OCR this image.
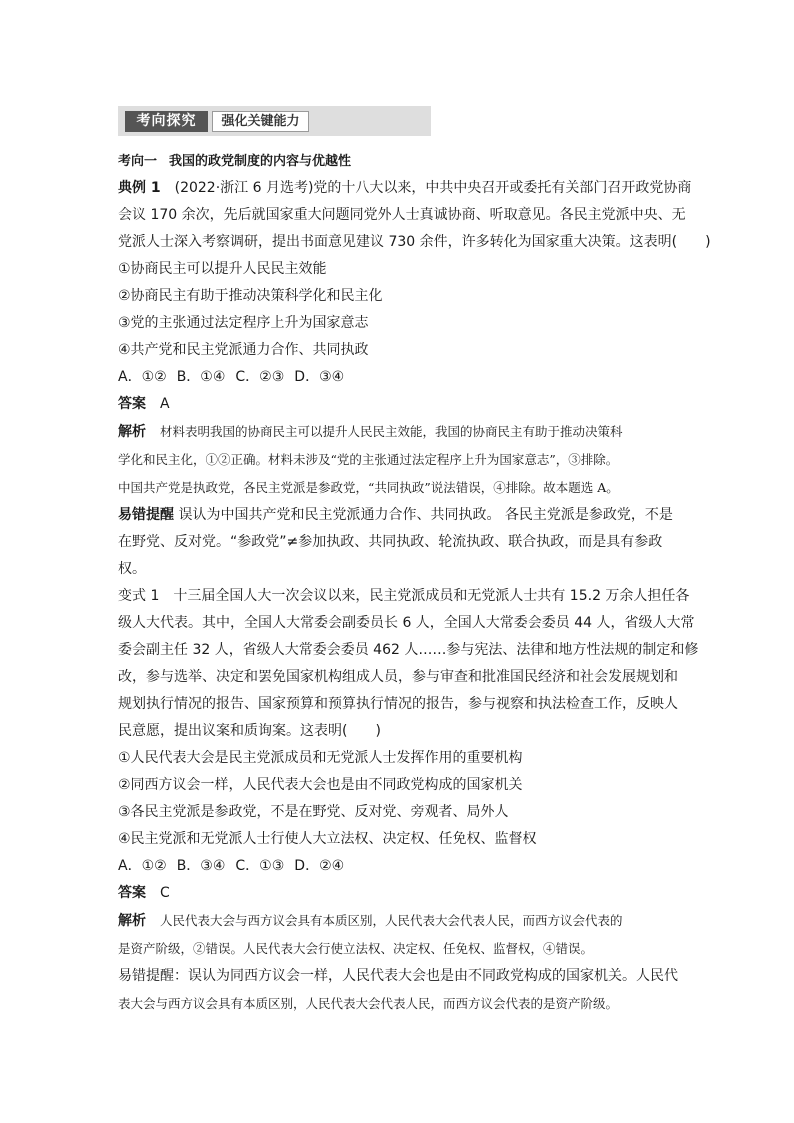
考向探究	强化关键能力
考向一 我国的政党制度的内容与优越性
典例 1 (2022·浙江 6 月选考)党的十八大以来，中共中央召开或委托有关部门召开政党协商
会议 170 余次，先后就国家重大问题同党外人士真诚协商、听取意见。各民主党派中央、无
党派人士深入考察调研，提出书面意见建议 730 余件，许多转化为国家重大决策。这表明(　　)
①协商民主可以提升人民民主效能
②协商民主有助于推动决策科学化和民主化
③党的主张通过法定程序上升为国家意志
④共产党和民主党派通力合作、共同执政
A．①② B．①④ C．②③ D．③④
答案 A
解析 材料表明我国的协商民主可以提升人民民主效能，我国的协商民主有助于推动决策科
学化和民主化，①②正确。材料未涉及“党的主张通过法定程序上升为国家意志”，③排除。
中国共产党是执政党，各民主党派是参政党，“共同执政”说法错误，④排除。故本题选 A。
易错提醒 误认为中国共产党和民主党派通力合作、共同执政。 各民主党派是参政党，不是
在野党、反对党。“参政党”≠参加执政、共同执政、轮流执政、联合执政，而是具有参政
权。
变式 1 十三届全国人大一次会议以来，民主党派成员和无党派人士共有 15.2 万余人担任各
级人大代表。其中，全国人大常委会副委员长 6 人，全国人大常委会委员 44 人，省级人大常
委会副主任 32 人，省级人大常委会委员 462 人……参与宪法、法律和地方性法规的制定和修
改，参与选举、决定和罢免国家机构组成人员，参与审查和批准国民经济和社会发展规划和
规划执行情况的报告、国家预算和预算执行情况的报告，参与视察和执法检查工作，反映人
民意愿，提出议案和质询案。这表明(　　)
①人民代表大会是民主党派成员和无党派人士发挥作用的重要机构
②同西方议会一样，人民代表大会也是由不同政党构成的国家机关
③各民主党派是参政党，不是在野党、反对党、旁观者、局外人
④民主党派和无党派人士行使人大立法权、决定权、任免权、监督权
A．①② B．③④ C．①③ D．②④
答案 C
解析 人民代表大会与西方议会具有本质区别，人民代表大会代表人民，而西方议会代表的
是资产阶级，②错误。人民代表大会行使立法权、决定权、任免权、监督权，④错误。
易错提醒：误认为同西方议会一样，人民代表大会也是由不同政党构成的国家机关。人民代
表大会与西方议会具有本质区别，人民代表大会代表人民，而西方议会代表的是资产阶级。
